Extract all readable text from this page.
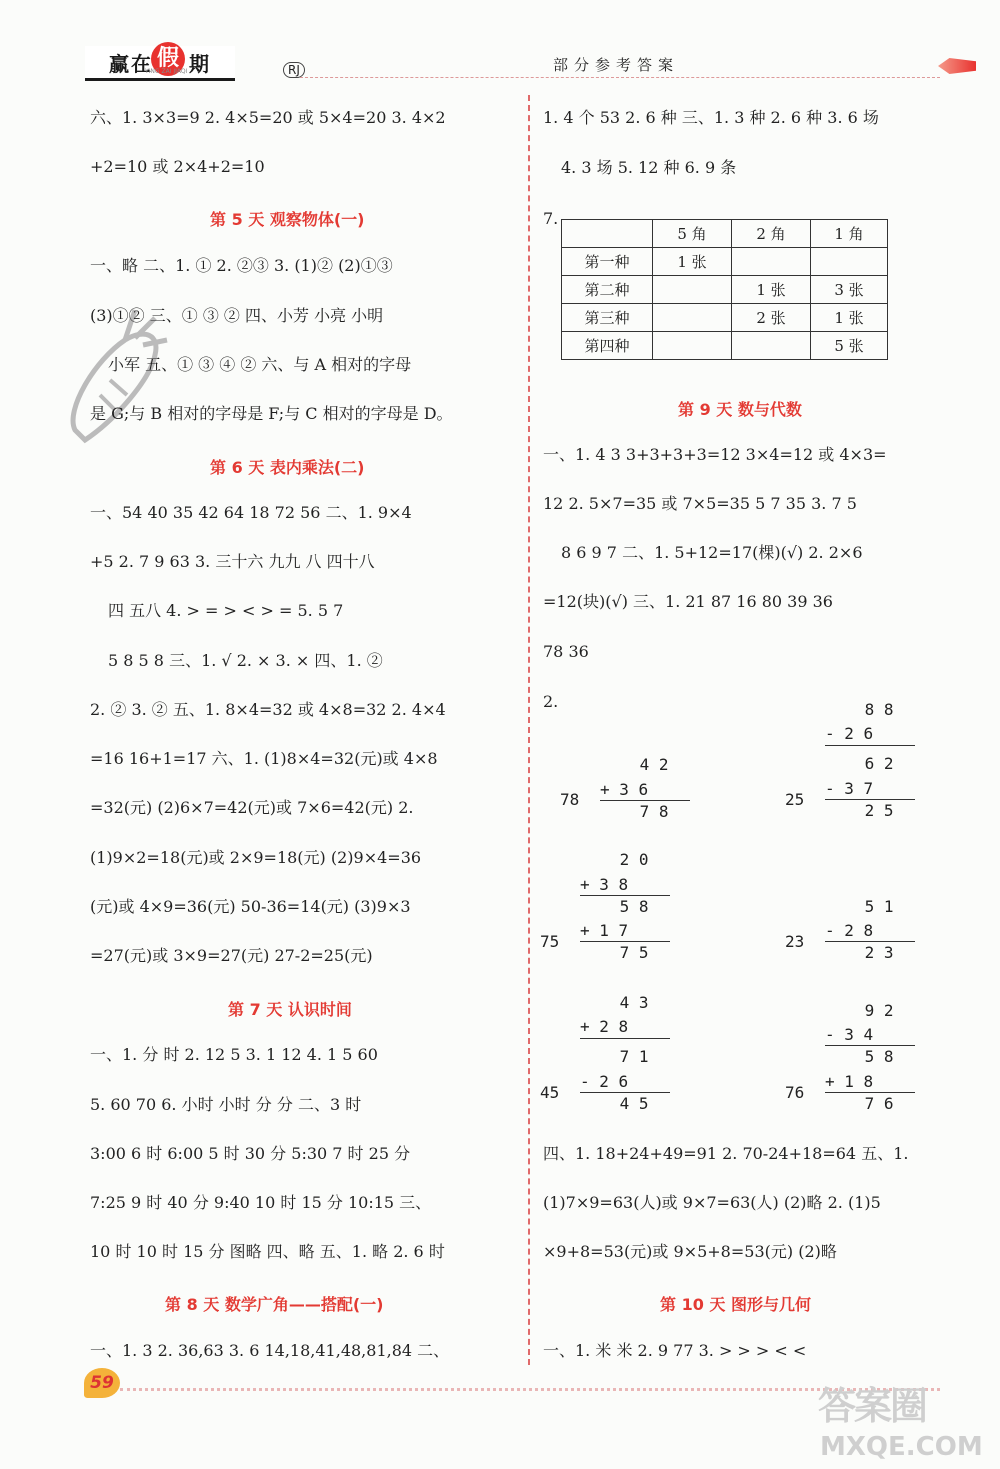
赢 在 假 期
YING ZAI JIAQI	RJ	部分参考答案
六、1. 3×3=9 2. 4×5=20 或 5×4=20 3. 4×2
+2=10 或 2×4+2=10
第 5 天 观察物体(一)
一、略 二、1. ① 2. ②③ 3. (1)② (2)①③
(3)①② 三、① ③ ② 四、小芳 小亮 小明
小军 五、① ③ ④ ② 六、与 A 相对的字母
是 G;与 B 相对的字母是 F;与 C 相对的字母是 D。
第 6 天 表内乘法(二)
一、54 40 35 42 64 18 72 56 二、1. 9×4
+5 2. 7 9 63 3. 三十六 九九 八 四十八
四 五八 4. > = > < > = 5. 5 7
5 8 5 8 三、1. √ 2. × 3. × 四、1. ②
2. ② 3. ② 五、1. 8×4=32 或 4×8=32 2. 4×4
=16 16+1=17 六、1. (1)8×4=32(元)或 4×8
=32(元) (2)6×7=42(元)或 7×6=42(元) 2.
(1)9×2=18(元)或 2×9=18(元) (2)9×4=36
(元)或 4×9=36(元) 50-36=14(元) (3)9×3
=27(元)或 3×9=27(元) 27-2=25(元)
第 7 天 认识时间
一、1. 分 时 2. 12 5 3. 1 12 4. 1 5 60
5. 60 70 6. 小时 小时 分 分 二、3 时
3:00 6 时 6:00 5 时 30 分 5:30 7 时 25 分
7:25 9 时 40 分 9:40 10 时 15 分 10:15 三、
10 时 10 时 15 分 图略 四、略 五、1. 略 2. 6 时
第 8 天 数学广角——搭配(一)
一、1. 3 2. 36,63 3. 6 14,18,41,48,81,84 二、
1. 4 个 53 2. 6 种 三、1. 3 种 2. 6 种 3. 6 场
4. 3 场 5. 12 种 6. 9 条
7.
	5 角	2 角	1 角
第一种	1 张		
第二种		1 张	3 张
第三种		2 张	1 张
第四种			5 张
第 9 天 数与代数
一、1. 4 3 3+3+3+3=12 3×4=12 或 4×3=
12 2. 5×7=35 或 7×5=35 5 7 35 3. 7 5
8 6 9 7 二、1. 5+12=17(棵)(√) 2. 2×6
=12(块)(√) 三、1. 21 87 16 80 39 36
78 36
2.
78
4 2
+ 3 6
7 8
25
8 8
- 2 6
6 2
- 3 7
2 5
75
2 0
+ 3 8
5 8
+ 1 7
7 5
23
5 1
- 2 8
2 3
45
4 3
+ 2 8
7 1
- 2 6
4 5
76
9 2
- 3 4
5 8
+ 1 8
7 6
四、1. 18+24+49=91 2. 70-24+18=64 五、1.
(1)7×9=63(人)或 9×7=63(人) (2)略 2. (1)5
×9+8=53(元)或 9×5+8=53(元) (2)略
第 10 天 图形与几何
一、1. 米 米 2. 9 77 3. > > > < <
59
答案圈
MXQE.COM
